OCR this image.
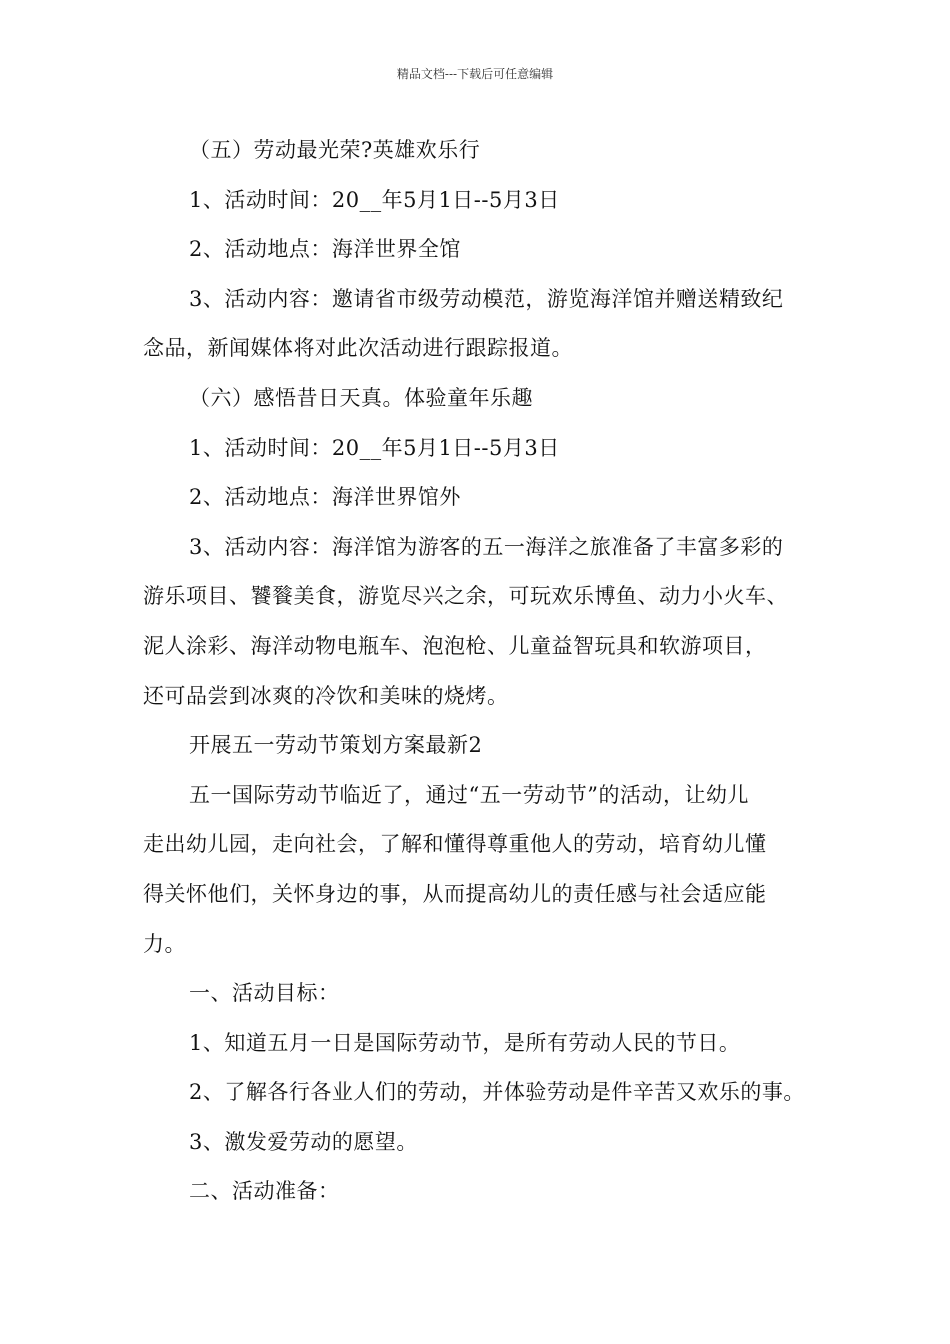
精品文档---下载后可任意编辑
（五）劳动最光荣?英雄欢乐行
1、活动时间：20__年5月1日--5月3日
2、活动地点：海洋世界全馆
3、活动内容：邀请省市级劳动模范，游览海洋馆并赠送精致纪
念品，新闻媒体将对此次活动进行跟踪报道。
（六）感悟昔日天真。体验童年乐趣
1、活动时间：20__年5月1日--5月3日
2、活动地点：海洋世界馆外
3、活动内容：海洋馆为游客的五一海洋之旅准备了丰富多彩的
游乐项目、饕餮美食，游览尽兴之余，可玩欢乐博鱼、动力小火车、
泥人涂彩、海洋动物电瓶车、泡泡枪、儿童益智玩具和软游项目，
还可品尝到冰爽的冷饮和美味的烧烤。
开展五一劳动节策划方案最新2
五一国际劳动节临近了，通过“五一劳动节”的活动，让幼儿
走出幼儿园，走向社会，了解和懂得尊重他人的劳动，培育幼儿懂
得关怀他们，关怀身边的事，从而提高幼儿的责任感与社会适应能
力。
一、活动目标：
1、知道五月一日是国际劳动节，是所有劳动人民的节日。
2、了解各行各业人们的劳动，并体验劳动是件辛苦又欢乐的事。
3、激发爱劳动的愿望。
二、活动准备：
